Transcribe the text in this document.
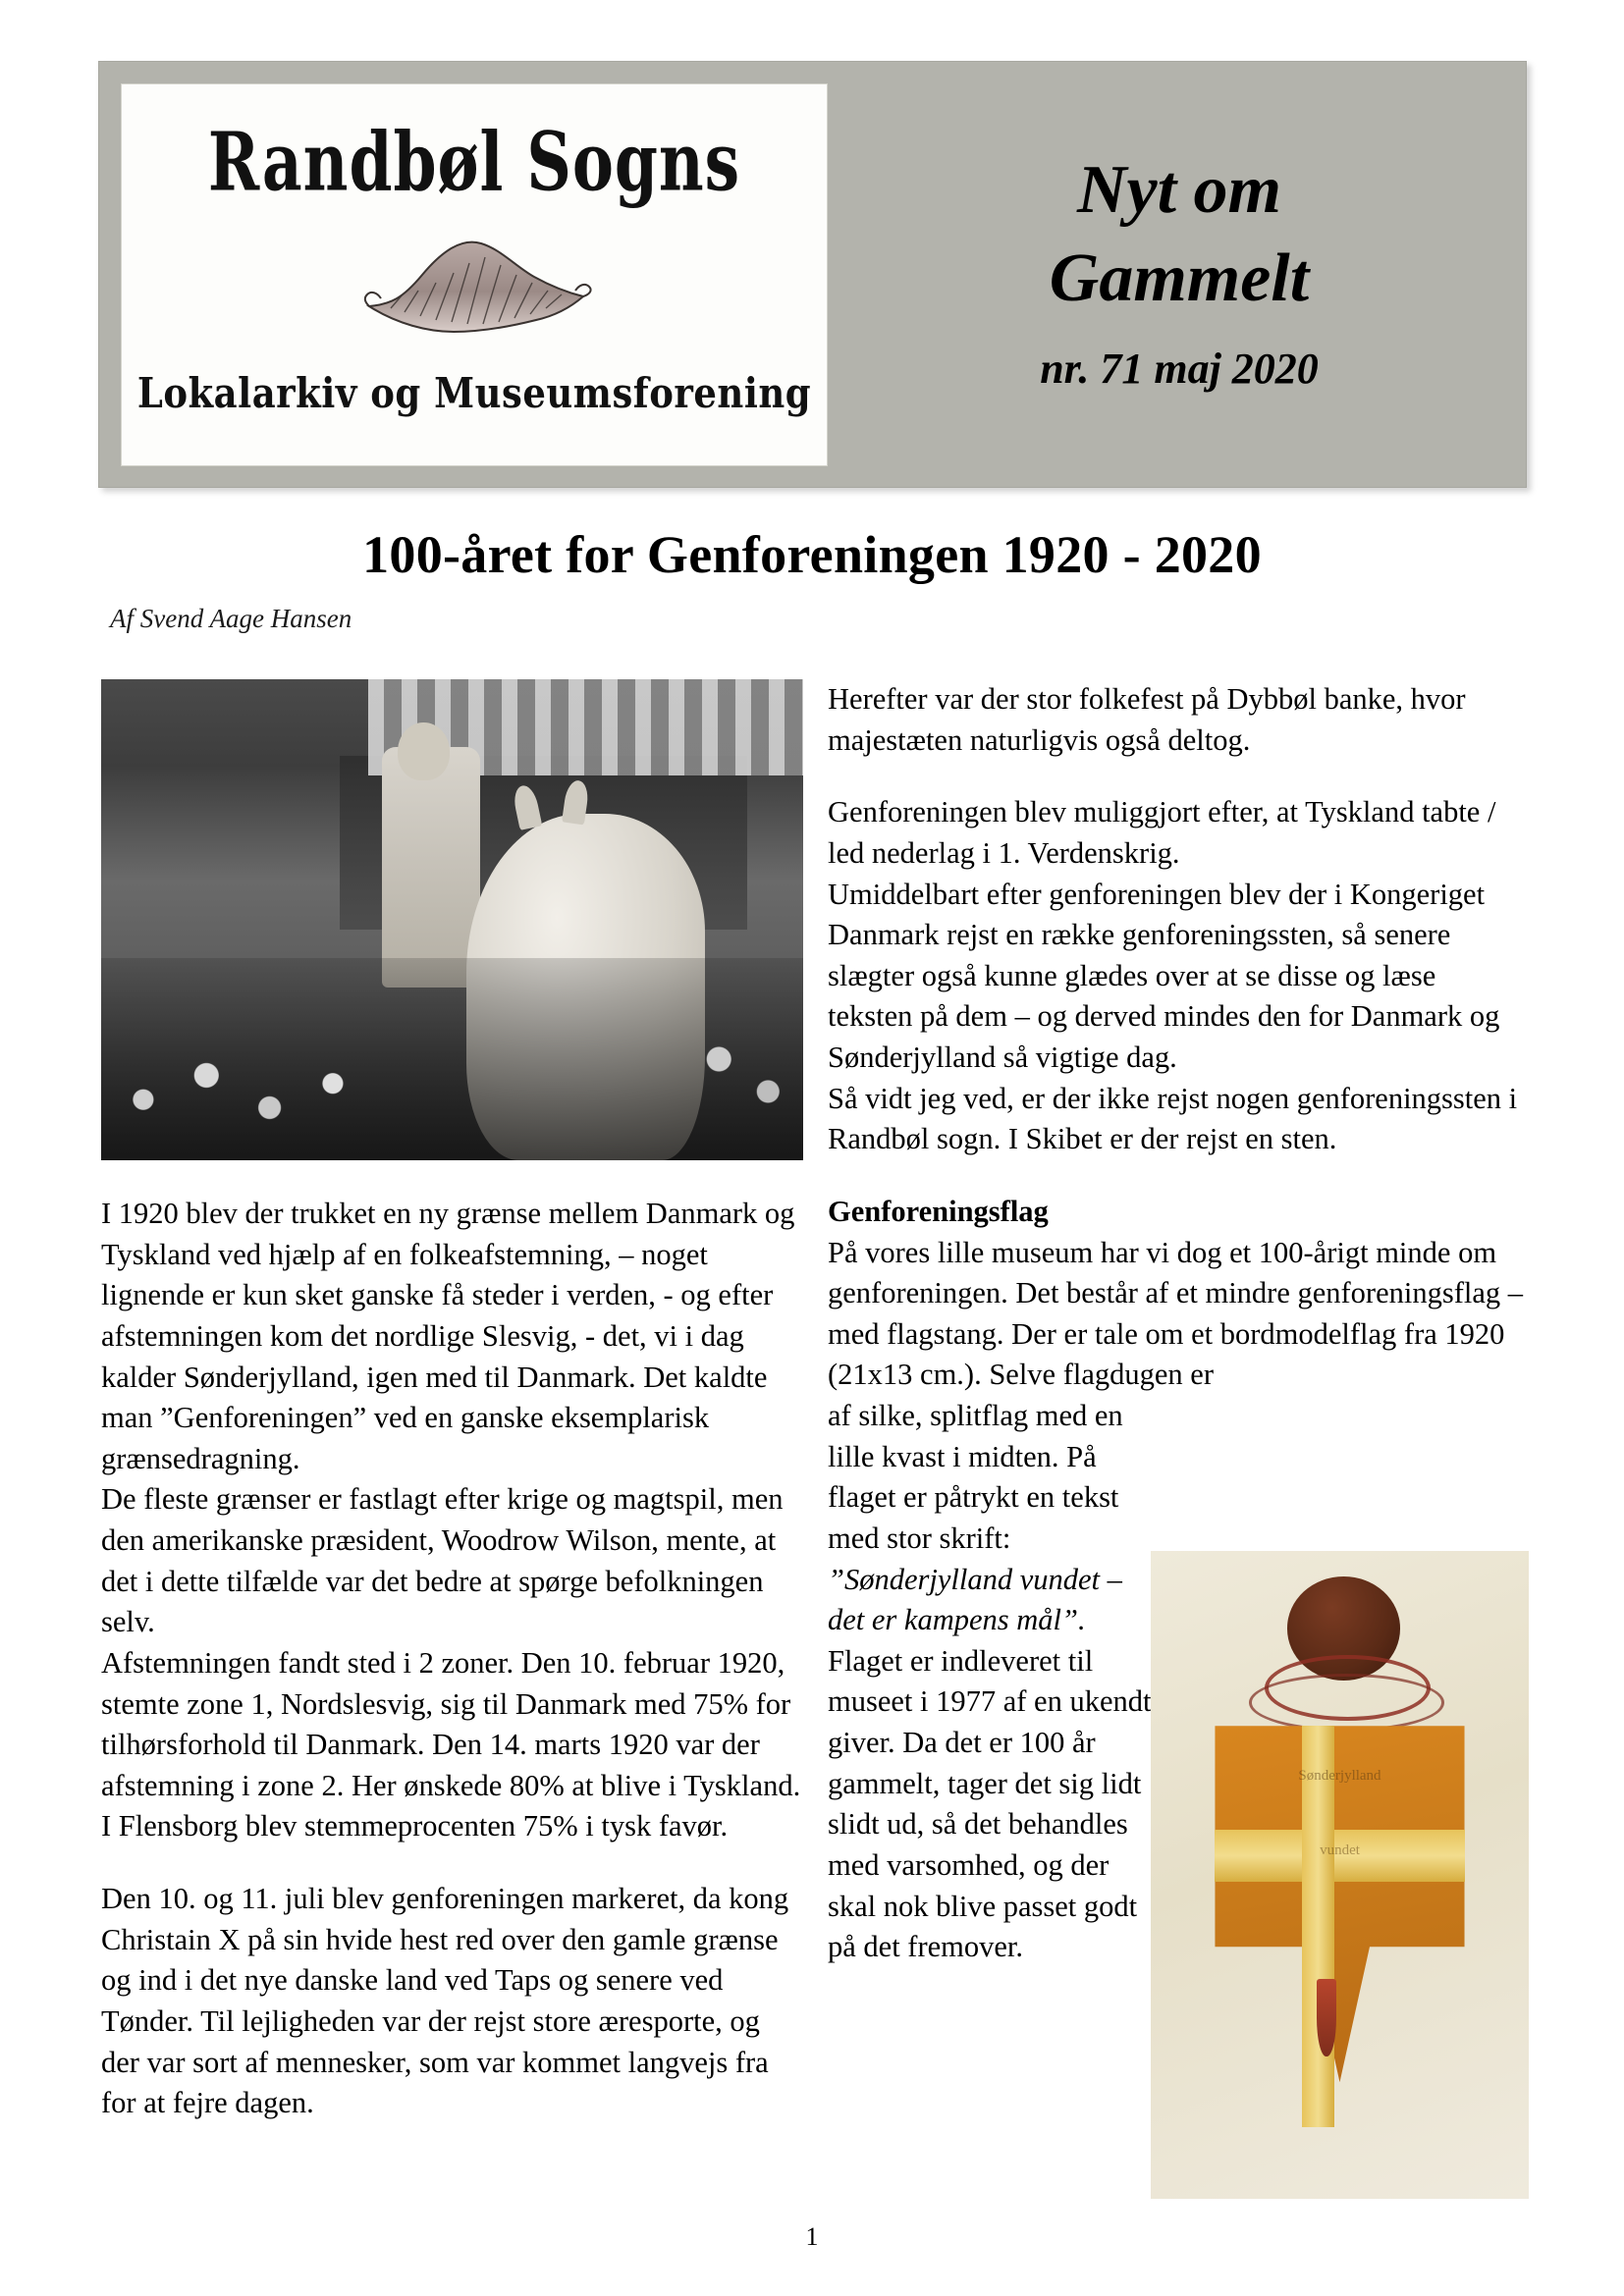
Randbøl Sogns
Lokalarkiv og Museumsforening
Nyt om
Gammelt
nr. 71 maj 2020
100-året for Genforeningen 1920 - 2020
Af Svend Aage Hansen

I 1920 blev der trukket en ny grænse mellem Danmark og Tyskland ved hjælp af en folkeafstemning, – noget lignende er kun sket ganske få steder i verden, - og efter afstemningen kom det nordlige Slesvig, - det, vi i dag kalder Sønderjylland, igen med til Danmark. Det kaldte man ”Genforeningen” ved en ganske eksemplarisk grænsedragning.

De fleste grænser er fastlagt efter krige og magtspil, men den amerikanske præsident, Woodrow Wilson, mente, at det i dette tilfælde var det bedre at spørge befolkningen selv.

Afstemningen fandt sted i 2 zoner. Den 10. februar 1920, stemte zone 1, Nordslesvig, sig til Danmark med 75% for tilhørsforhold til Danmark. Den 14. marts 1920 var der afstemning i zone 2. Her ønskede 80% at blive i Tyskland. I Flensborg blev stemmeprocenten 75% i tysk favør.

Den 10. og 11. juli blev genforeningen markeret, da kong Christain X på sin hvide hest red over den gamle grænse og ind i det nye danske land ved Taps og senere ved Tønder. Til lejligheden var der rejst store æresporte, og der var sort af mennesker, som var kommet langvejs fra for at fejre dagen.

Herefter var der stor folkefest på Dybbøl banke, hvor majestæten naturligvis også deltog.

Genforeningen blev muliggjort efter, at Tyskland tabte / led nederlag i 1. Verdenskrig.

Umiddelbart efter genforeningen blev der i Kongeriget Danmark rejst en række genforeningssten, så senere slægter også kunne glædes over at se disse og læse teksten på dem – og derved mindes den for Danmark og Sønderjylland så vigtige dag.

Så vidt jeg ved, er der ikke rejst nogen genforeningssten i Randbøl sogn. I Skibet er der rejst en sten.

Genforeningsflag

På vores lille museum har vi dog et 100-årigt minde om genforeningen. Det består af et mindre genforeningsflag – med flagstang. Der er tale om et bordmodelflag fra 1920 (21x13 cm.). Selve flagdugen er

af silke, splitflag med en lille kvast i midten. På flaget er påtrykt en tekst med stor skrift:

”Sønderjylland vundet – det er kampens mål”.

Flaget er indleveret til museet i 1977 af en ukendt giver. Da det er 100 år gammelt, tager det sig lidt slidt ud, så det behandles med varsomhed, og der skal nok blive passet godt på det fremover.

Sønderjylland
vundet
1
